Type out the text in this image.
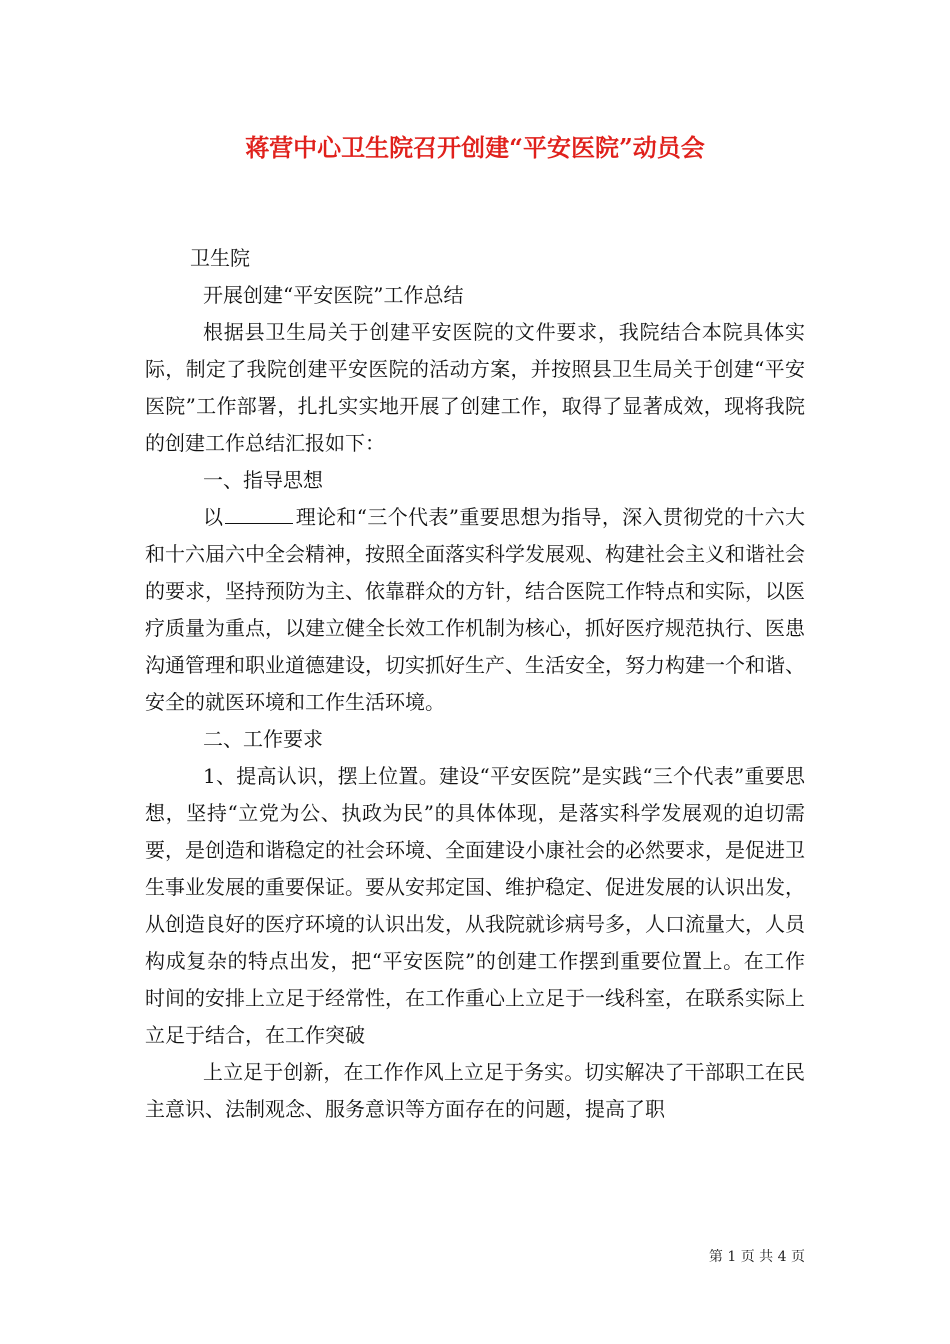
蒋营中心卫生院召开创建“平安医院”动员会

卫生院

开展创建“平安医院”工作总结

根据县卫生局关于创建平安医院的文件要求，我院结合本院具体实际，制定了我院创建平安医院的活动方案，并按照县卫生局关于创建“平安医院”工作部署，扎扎实实地开展了创建工作，取得了显著成效，现将我院的创建工作总结汇报如下：

一、指导思想

以	理论和“三个代表”重要思想为指导，深入贯彻党的十六大和十六届六中全会精神，按照全面落实科学发展观、构建社会主义和谐社会的要求，坚持预防为主、依靠群众的方针，结合医院工作特点和实际，以医疗质量为重点，以建立健全长效工作机制为核心，抓好医疗规范执行、医患沟通管理和职业道德建设，切实抓好生产、生活安全，努力构建一个和谐、安全的就医环境和工作生活环境。

二、工作要求

1、提高认识，摆上位置。建设“平安医院”是实践“三个代表”重要思想，坚持“立党为公、执政为民”的具体体现，是落实科学发展观的迫切需要，是创造和谐稳定的社会环境、全面建设小康社会的必然要求，是促进卫生事业发展的重要保证。要从安邦定国、维护稳定、促进发展的认识出发，从创造良好的医疗环境的认识出发，从我院就诊病号多，人口流量大，人员构成复杂的特点出发，把“平安医院”的创建工作摆到重要位置上。在工作时间的安排上立足于经常性，在工作重心上立足于一线科室，在联系实际上立足于结合，在工作突破

上立足于创新，在工作作风上立足于务实。切实解决了干部职工在民主意识、法制观念、服务意识等方面存在的问题，提高了职

第 1 页 共 4 页
